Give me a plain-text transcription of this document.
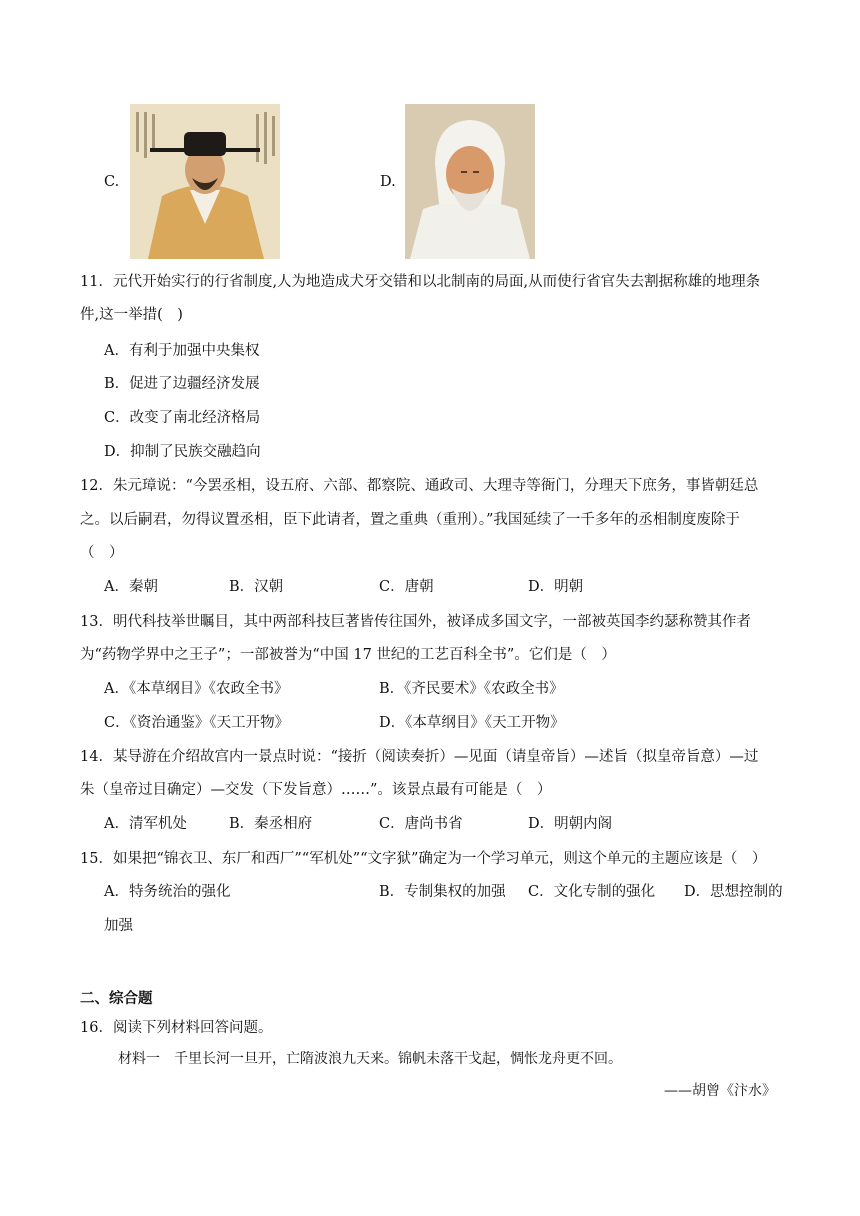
C.	D.
11．元代开始实行的行省制度,人为地造成犬牙交错和以北制南的局面,从而使行省官失去割据称雄的地理条
件,这一举措(　)
A．有利于加强中央集权
B．促进了边疆经济发展
C．改变了南北经济格局
D．抑制了民族交融趋向
12．朱元璋说：“今罢丞相，设五府、六部、都察院、通政司、大理寺等衙门，分理天下庶务，事皆朝廷总
之。以后嗣君，勿得议置丞相，臣下此请者，置之重典（重刑）。”我国延续了一千多年的丞相制度废除于
（　）
A．秦朝	B．汉朝	C．唐朝	D．明朝
13．明代科技举世瞩目，其中两部科技巨著皆传往国外，被译成多国文字，一部被英国李约瑟称赞其作者
为“药物学界中之王子”；一部被誉为“中国 17 世纪的工艺百科全书”。它们是（　）
A．《本草纲目》《农政全书》	B．《齐民要术》《农政全书》
C．《资治通鉴》《天工开物》	D．《本草纲目》《天工开物》
14．某导游在介绍故宫内一景点时说：“接折（阅读奏折）—见面（请皇帝旨）—述旨（拟皇帝旨意）—过
朱（皇帝过目确定）—交发（下发旨意）……”。该景点最有可能是（　）
A．清军机处	B．秦丞相府	C．唐尚书省	D．明朝内阁
15．如果把“锦衣卫、东厂和西厂”“军机处”“文字狱”确定为一个学习单元，则这个单元的主题应该是（　）
A．特务统治的强化	B．专制集权的加强 C．文化专制的强化 D．思想控制的
加强
二、综合题
16．阅读下列材料回答问题。
材料一　千里长河一旦开，亡隋波浪九天来。锦帆未落干戈起，惆怅龙舟更不回。
——胡曾《汴水》
